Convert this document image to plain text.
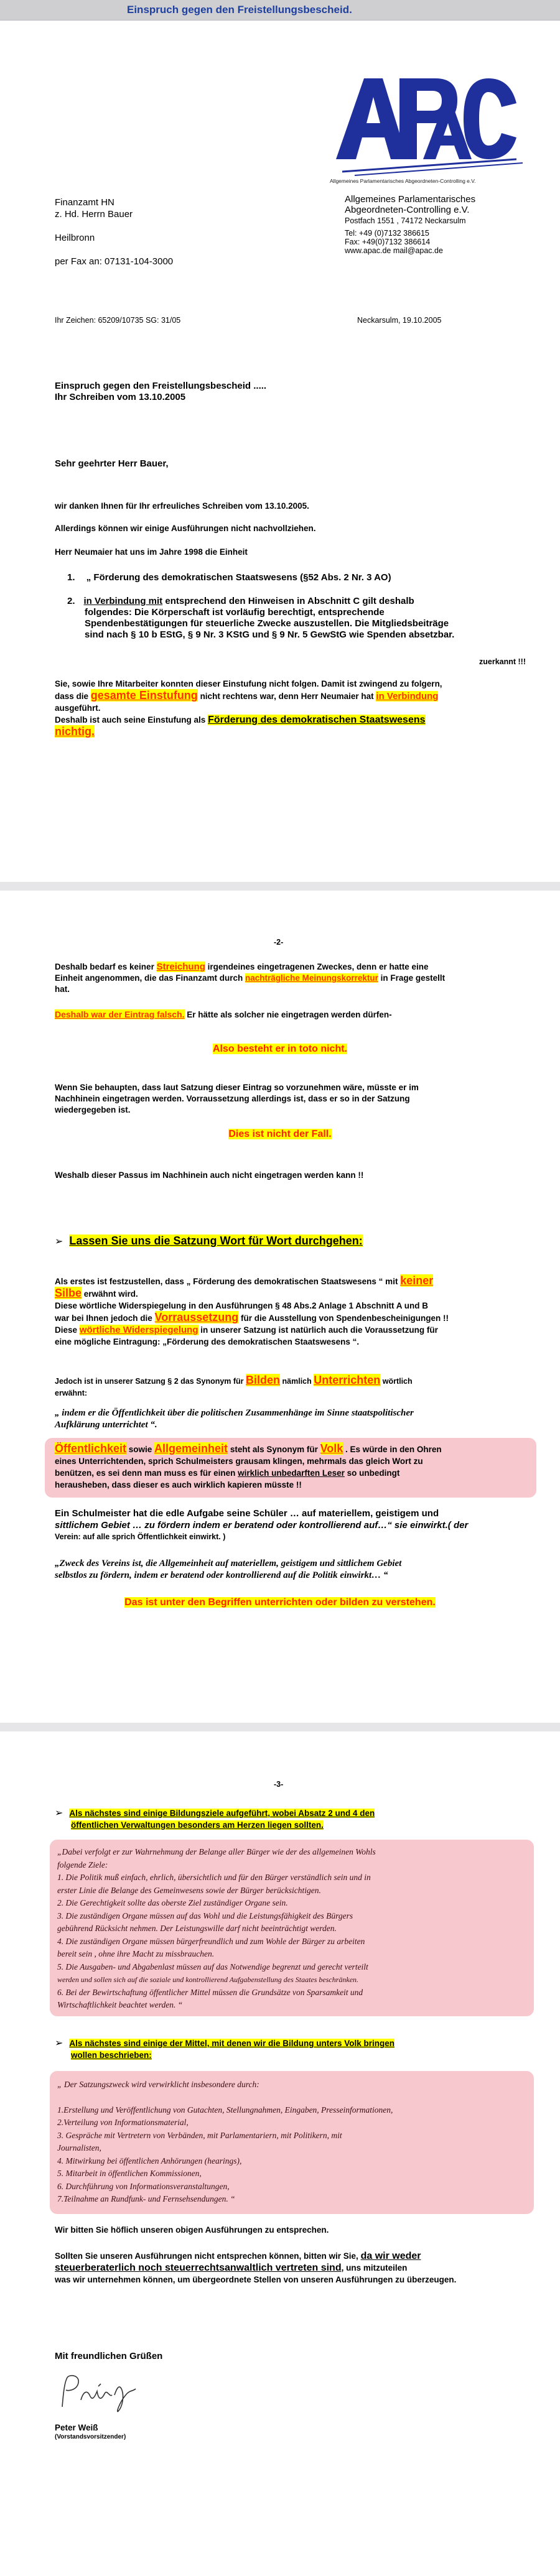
Einspruch gegen den Freistellungsbescheid.
Allgemeines Parlamentarisches Abgeordneten-Controlling e.V.
Allgemeines Parlamentarisches
Abgeordneten-Controlling e.V.
Postfach 1551 , 74172 Neckarsulm
Tel: +49 (0)7132 386615
Fax: +49(0)7132 386614
www.apac.de mail@apac.de
Finanzamt HN
z. Hd. Herrn Bauer
Heilbronn
per Fax an: 07131-104-3000
Ihr Zeichen: 65209/10735 SG: 31/05	Neckarsulm, 19.10.2005
Einspruch gegen den Freistellungsbescheid .....
Ihr Schreiben vom 13.10.2005
Sehr geehrter Herr Bauer,
wir danken Ihnen für Ihr erfreuliches Schreiben vom 13.10.2005.
Allerdings können wir einige Ausführungen nicht nachvollziehen.
Herr Neumaier hat uns im Jahre 1998 die Einheit
1. „ Förderung des demokratischen Staatswesens (§52 Abs. 2 Nr. 3 AO)
2. in Verbindung mit entsprechend den Hinweisen in Abschnitt C gilt deshalb
folgendes: Die Körperschaft ist vorläufig berechtigt, entsprechende
Spendenbestätigungen für steuerliche Zwecke auszustellen. Die Mitgliedsbeiträge
sind nach § 10 b EStG, § 9 Nr. 3 KStG und § 9 Nr. 5 GewStG wie Spenden absetzbar.
zuerkannt !!!
Sie, sowie Ihre Mitarbeiter konnten dieser Einstufung nicht folgen. Damit ist zwingend zu folgern,
dass die gesamte Einstufung nicht rechtens war, denn Herr Neumaier hat in Verbindung
ausgeführt.
Deshalb ist auch seine Einstufung als Förderung des demokratischen Staatswesens
nichtig.
-2-
Deshalb bedarf es keiner Streichung irgendeines eingetragenen Zweckes, denn er hatte eine
Einheit angenommen, die das Finanzamt durch nachträgliche Meinungskorrektur in Frage gestellt
hat.
Deshalb war der Eintrag falsch. Er hätte als solcher nie eingetragen werden dürfen-
Also besteht er in toto nicht.
Wenn Sie behaupten, dass laut Satzung dieser Eintrag so vorzunehmen wäre, müsste er im
Nachhinein eingetragen werden. Vorraussetzung allerdings ist, dass er so in der Satzung
wiedergegeben ist.
Dies ist nicht der Fall.
Weshalb dieser Passus im Nachhinein auch nicht eingetragen werden kann !!
➢ Lassen Sie uns die Satzung Wort für Wort durchgehen:
Als erstes ist festzustellen, dass „ Förderung des demokratischen Staatswesens “ mit keiner
Silbe erwähnt wird.
Diese wörtliche Widerspiegelung in den Ausführungen § 48 Abs.2 Anlage 1 Abschnitt A und B
war bei Ihnen jedoch die Vorraussetzung für die Ausstellung von Spendenbescheinigungen !!
Diese wörtliche Widerspiegelung in unserer Satzung ist natürlich auch die Voraussetzung für
eine mögliche Eintragung: „Förderung des demokratischen Staatswesens “.
Jedoch ist in unserer Satzung § 2 das Synonym für Bilden nämlich Unterrichten wörtlich
erwähnt:
„ indem er die Öffentlichkeit über die politischen Zusammenhänge im Sinne staatspolitischer
Aufklärung unterrichtet “.
Öffentlichkeit sowie Allgemeinheit steht als Synonym für Volk . Es würde in den Ohren
eines Unterrichtenden, sprich Schulmeisters grausam klingen, mehrmals das gleich Wort zu
benützen, es sei denn man muss es für einen wirklich unbedarften Leser so unbedingt
herausheben, dass dieser es auch wirklich kapieren müsste !!
Ein Schulmeister hat die edle Aufgabe seine Schüler … auf materiellem, geistigem und
sittlichem Gebiet … zu fördern indem er beratend oder kontrollierend auf…“ sie einwirkt.( der
Verein: auf alle sprich Öffentlichkeit einwirkt. )
„Zweck des Vereins ist, die Allgemeinheit auf materiellem, geistigem und sittlichem Gebiet
selbstlos zu fördern, indem er beratend oder kontrollierend auf die Politik einwirkt… “
Das ist unter den Begriffen unterrichten oder bilden zu verstehen.
-3-
➢ Als nächstes sind einige Bildungsziele aufgeführt, wobei Absatz 2 und 4 den
öffentlichen Verwaltungen besonders am Herzen liegen sollten.
„Dabei verfolgt er zur Wahrnehmung der Belange aller Bürger wie der des allgemeinen Wohls
folgende Ziele:
1. Die Politik muß einfach, ehrlich, übersichtlich und für den Bürger verständlich sein und in
erster Linie die Belange des Gemeinwesens sowie der Bürger berücksichtigen.
2. Die Gerechtigkeit sollte das oberste Ziel zuständiger Organe sein.
3. Die zuständigen Organe müssen auf das Wohl und die Leistungsfähigkeit des Bürgers
gebührend Rücksicht nehmen. Der Leistungswille darf nicht beeinträchtigt werden.
4. Die zuständigen Organe müssen bürgerfreundlich und zum Wohle der Bürger zu arbeiten
bereit sein , ohne ihre Macht zu missbrauchen.
5. Die Ausgaben- und Abgabenlast müssen auf das Notwendige begrenzt und gerecht verteilt
werden und sollen sich auf die soziale und kontrollierend Aufgabenstellung des Staates beschränken.
6. Bei der Bewirtschaftung öffentlicher Mittel müssen die Grundsätze von Sparsamkeit und
Wirtschaftlichkeit beachtet werden. “
➢ Als nächstes sind einige der Mittel, mit denen wir die Bildung unters Volk bringen
wollen beschrieben:
„ Der Satzungszweck wird verwirklicht insbesondere durch:
1.Erstellung und Veröffentlichung von Gutachten, Stellungnahmen, Eingaben, Presseinformationen,
2.Verteilung von Informationsmaterial,
3. Gespräche mit Vertretern von Verbänden, mit Parlamentariern, mit Politikern, mit
Journalisten,
4. Mitwirkung bei öffentlichen Anhörungen (hearings),
5. Mitarbeit in öffentlichen Kommissionen,
6. Durchführung von Informationsveranstaltungen,
7.Teilnahme an Rundfunk- und Fernsehsendungen. “
Wir bitten Sie höflich unseren obigen Ausführungen zu entsprechen.
Sollten Sie unseren Ausführungen nicht entsprechen können, bitten wir Sie, da wir weder
steuerberaterlich noch steuerrechtsanwaltlich vertreten sind, uns mitzuteilen
was wir unternehmen können, um übergeordnete Stellen von unseren Ausführungen zu überzeugen.
Mit freundlichen Grüßen
Peter Weiß
(Vorstandsvorsitzender)
